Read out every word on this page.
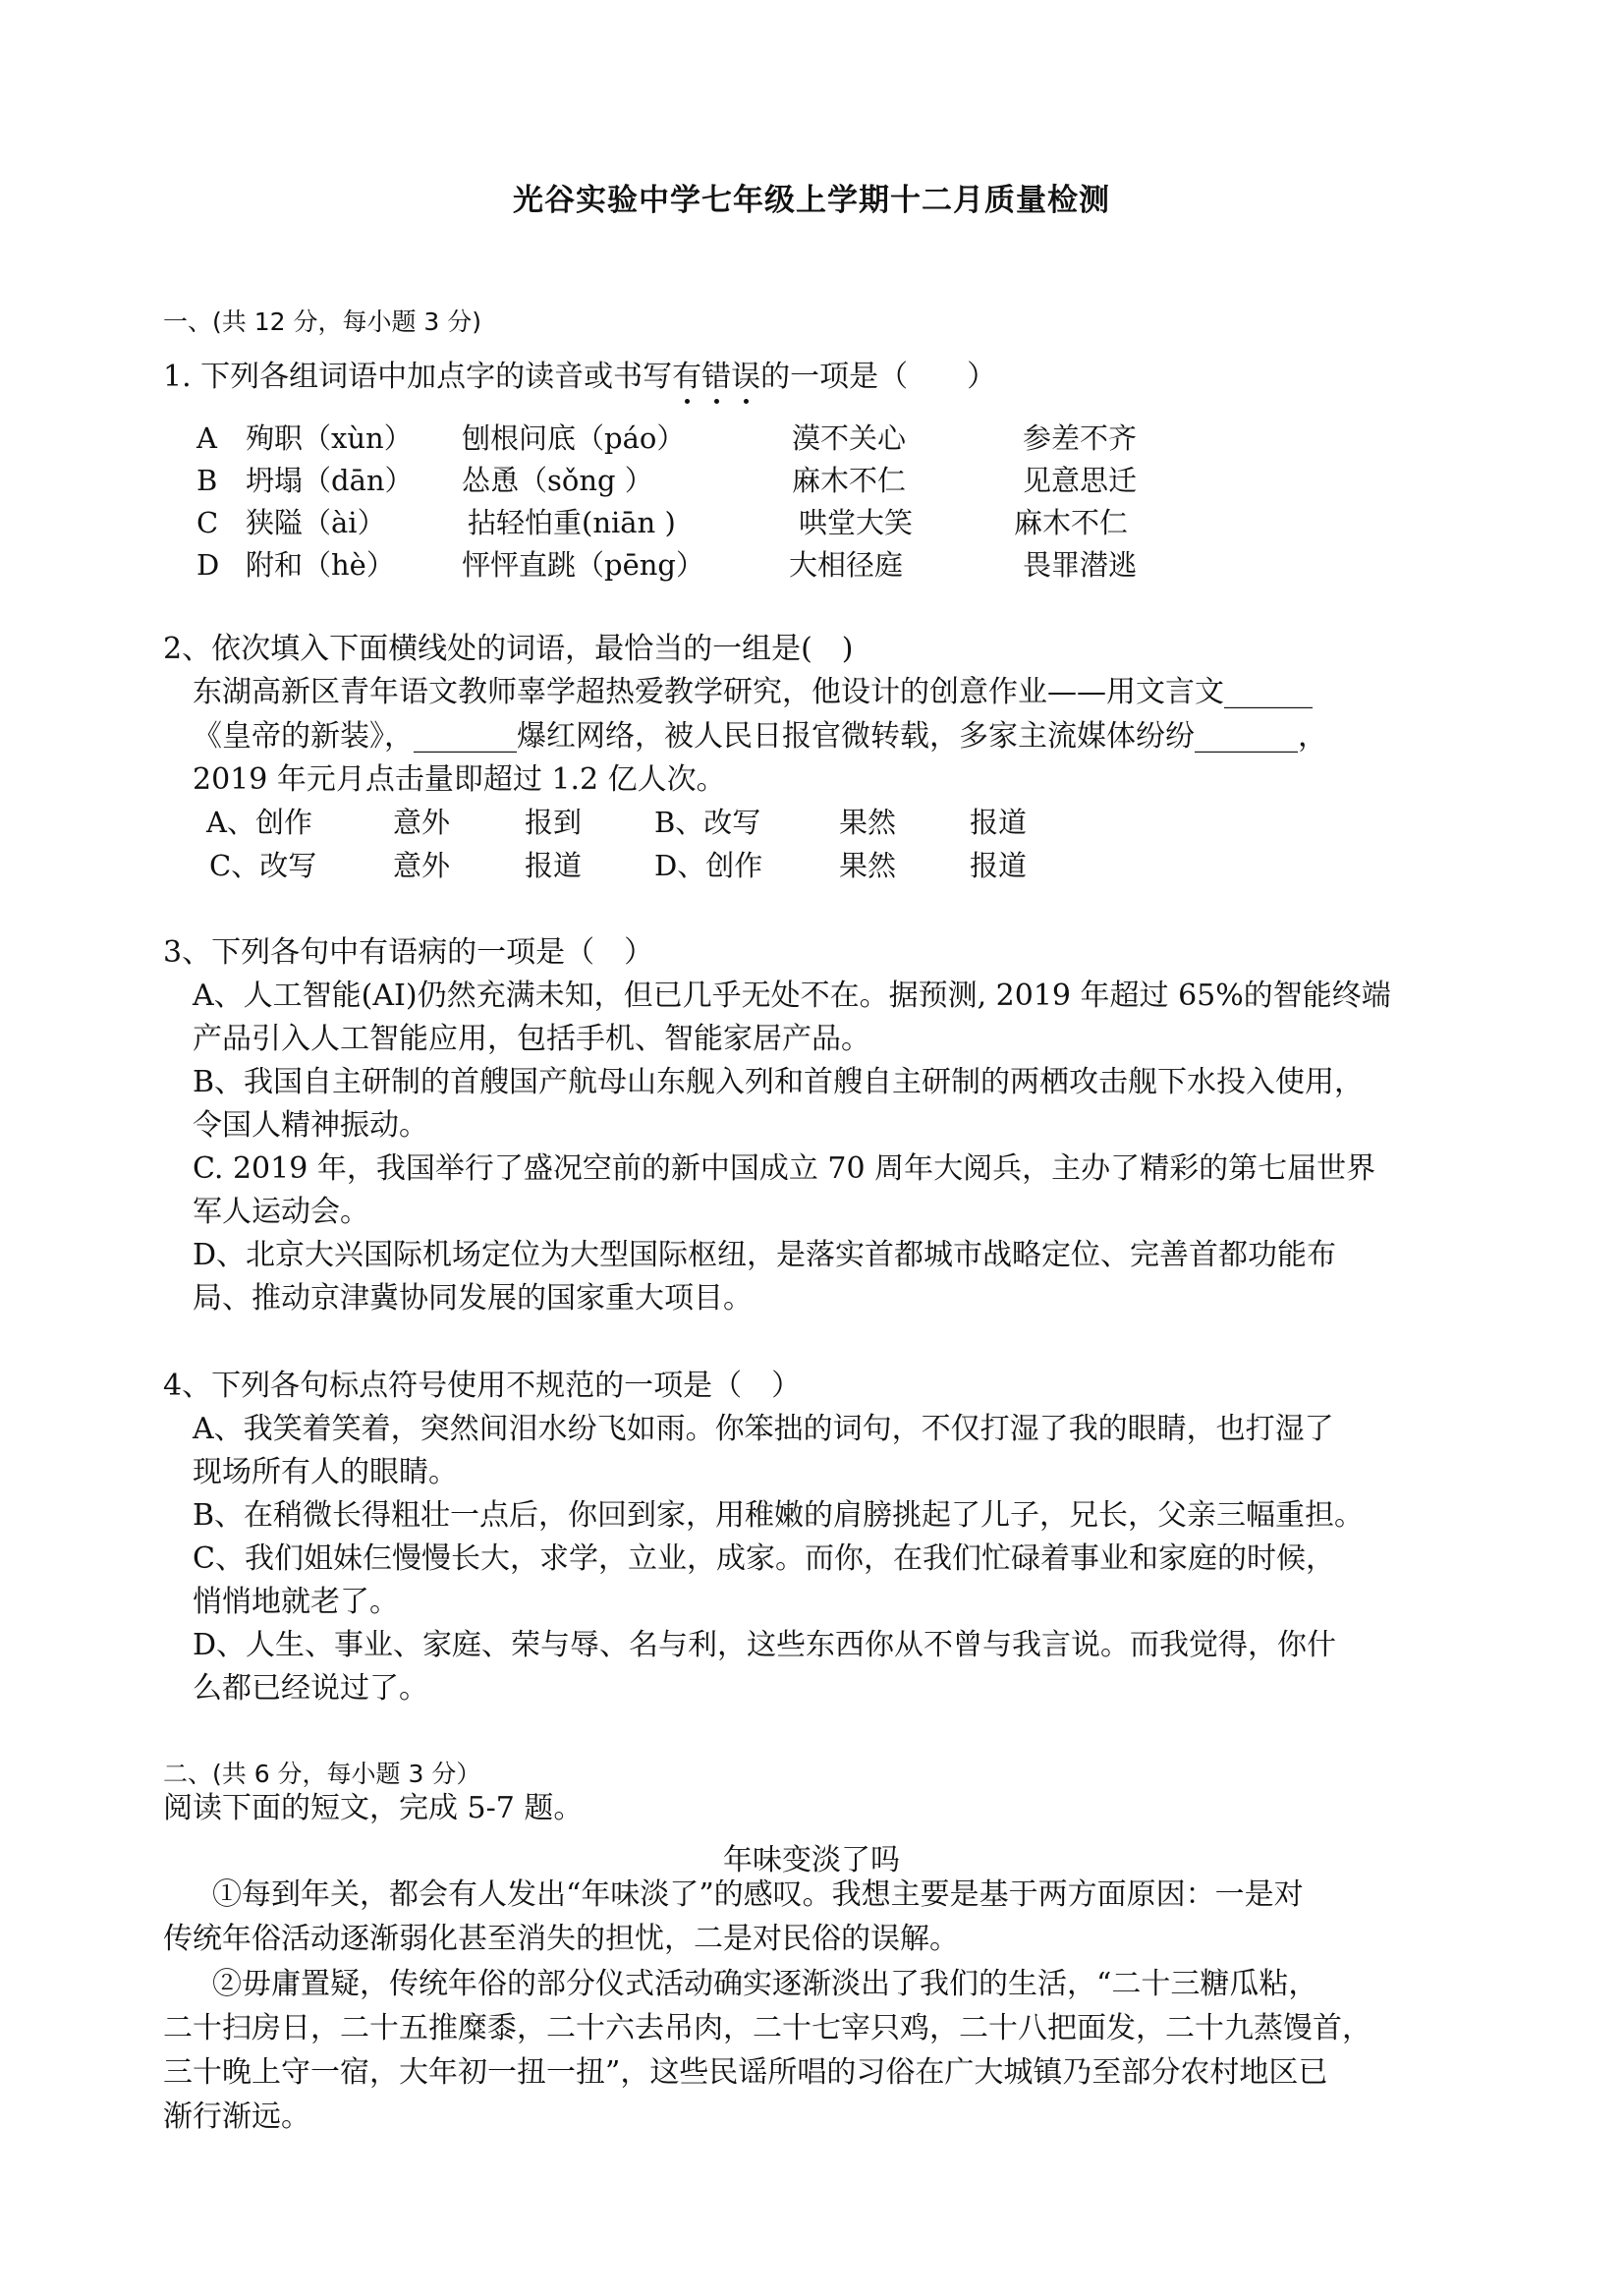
光谷实验中学七年级上学期十二月质量检测
一、(共 12 分，每小题 3 分)
1. 下列各组词语中加点字的读音或书写有错误的一项是（　　）
A 殉职（xùn） 刨根问底（páo）	漠不关心	参差不齐
B 坍塌（dān） 怂恿（sǒng ）	麻木不仁	见意思迁
C 狭隘（ài）	拈轻怕重(niān )	哄堂大笑	麻木不仁
D 附和（hè） 怦怦直跳（pēng）	大相径庭	畏罪潜逃
2、依次填入下面横线处的词语，最恰当的一组是(　)
东湖高新区青年语文教师辜学超热爱教学研究，他设计的创意作业——用文言文______
《皇帝的新装》，_______爆红网络，被人民日报官微转载，多家主流媒体纷纷_______，
2019 年元月点击量即超过 1.2 亿人次。
A、创作	意外	报到	B、改写	果然	报道
C、改写	意外	报道	D、创作	果然	报道
3、下列各句中有语病的一项是（　）
A、人工智能(AI)仍然充满未知，但已几乎无处不在。据预测, 2019 年超过 65%的智能终端
产品引入人工智能应用，包括手机、智能家居产品。
B、我国自主研制的首艘国产航母山东舰入列和首艘自主研制的两栖攻击舰下水投入使用，
令国人精神振动。
C. 2019 年，我国举行了盛况空前的新中国成立 70 周年大阅兵，主办了精彩的第七届世界
军人运动会。
D、北京大兴国际机场定位为大型国际枢纽，是落实首都城市战略定位、完善首都功能布
局、推动京津冀协同发展的国家重大项目。
4、下列各句标点符号使用不规范的一项是（　）
A、我笑着笑着，突然间泪水纷飞如雨。你笨拙的词句，不仅打湿了我的眼睛，也打湿了
现场所有人的眼睛。
B、在稍微长得粗壮一点后，你回到家，用稚嫩的肩膀挑起了儿子，兄长，父亲三幅重担。
C、我们姐妹仨慢慢长大，求学，立业，成家。而你，在我们忙碌着事业和家庭的时候，
悄悄地就老了。
D、人生、事业、家庭、荣与辱、名与利，这些东西你从不曾与我言说。而我觉得，你什
么都已经说过了。
二、(共 6 分，每小题 3 分）
阅读下面的短文，完成 5-7 题。
年味变淡了吗
①每到年关，都会有人发出“年味淡了”的感叹。我想主要是基于两方面原因：一是对
传统年俗活动逐渐弱化甚至消失的担忧，二是对民俗的误解。
②毋庸置疑，传统年俗的部分仪式活动确实逐渐淡出了我们的生活，“二十三糖瓜粘，
二十扫房日，二十五推糜黍，二十六去吊肉，二十七宰只鸡，二十八把面发，二十九蒸馒首，
三十晚上守一宿，大年初一扭一扭”，这些民谣所唱的习俗在广大城镇乃至部分农村地区已
渐行渐远。
